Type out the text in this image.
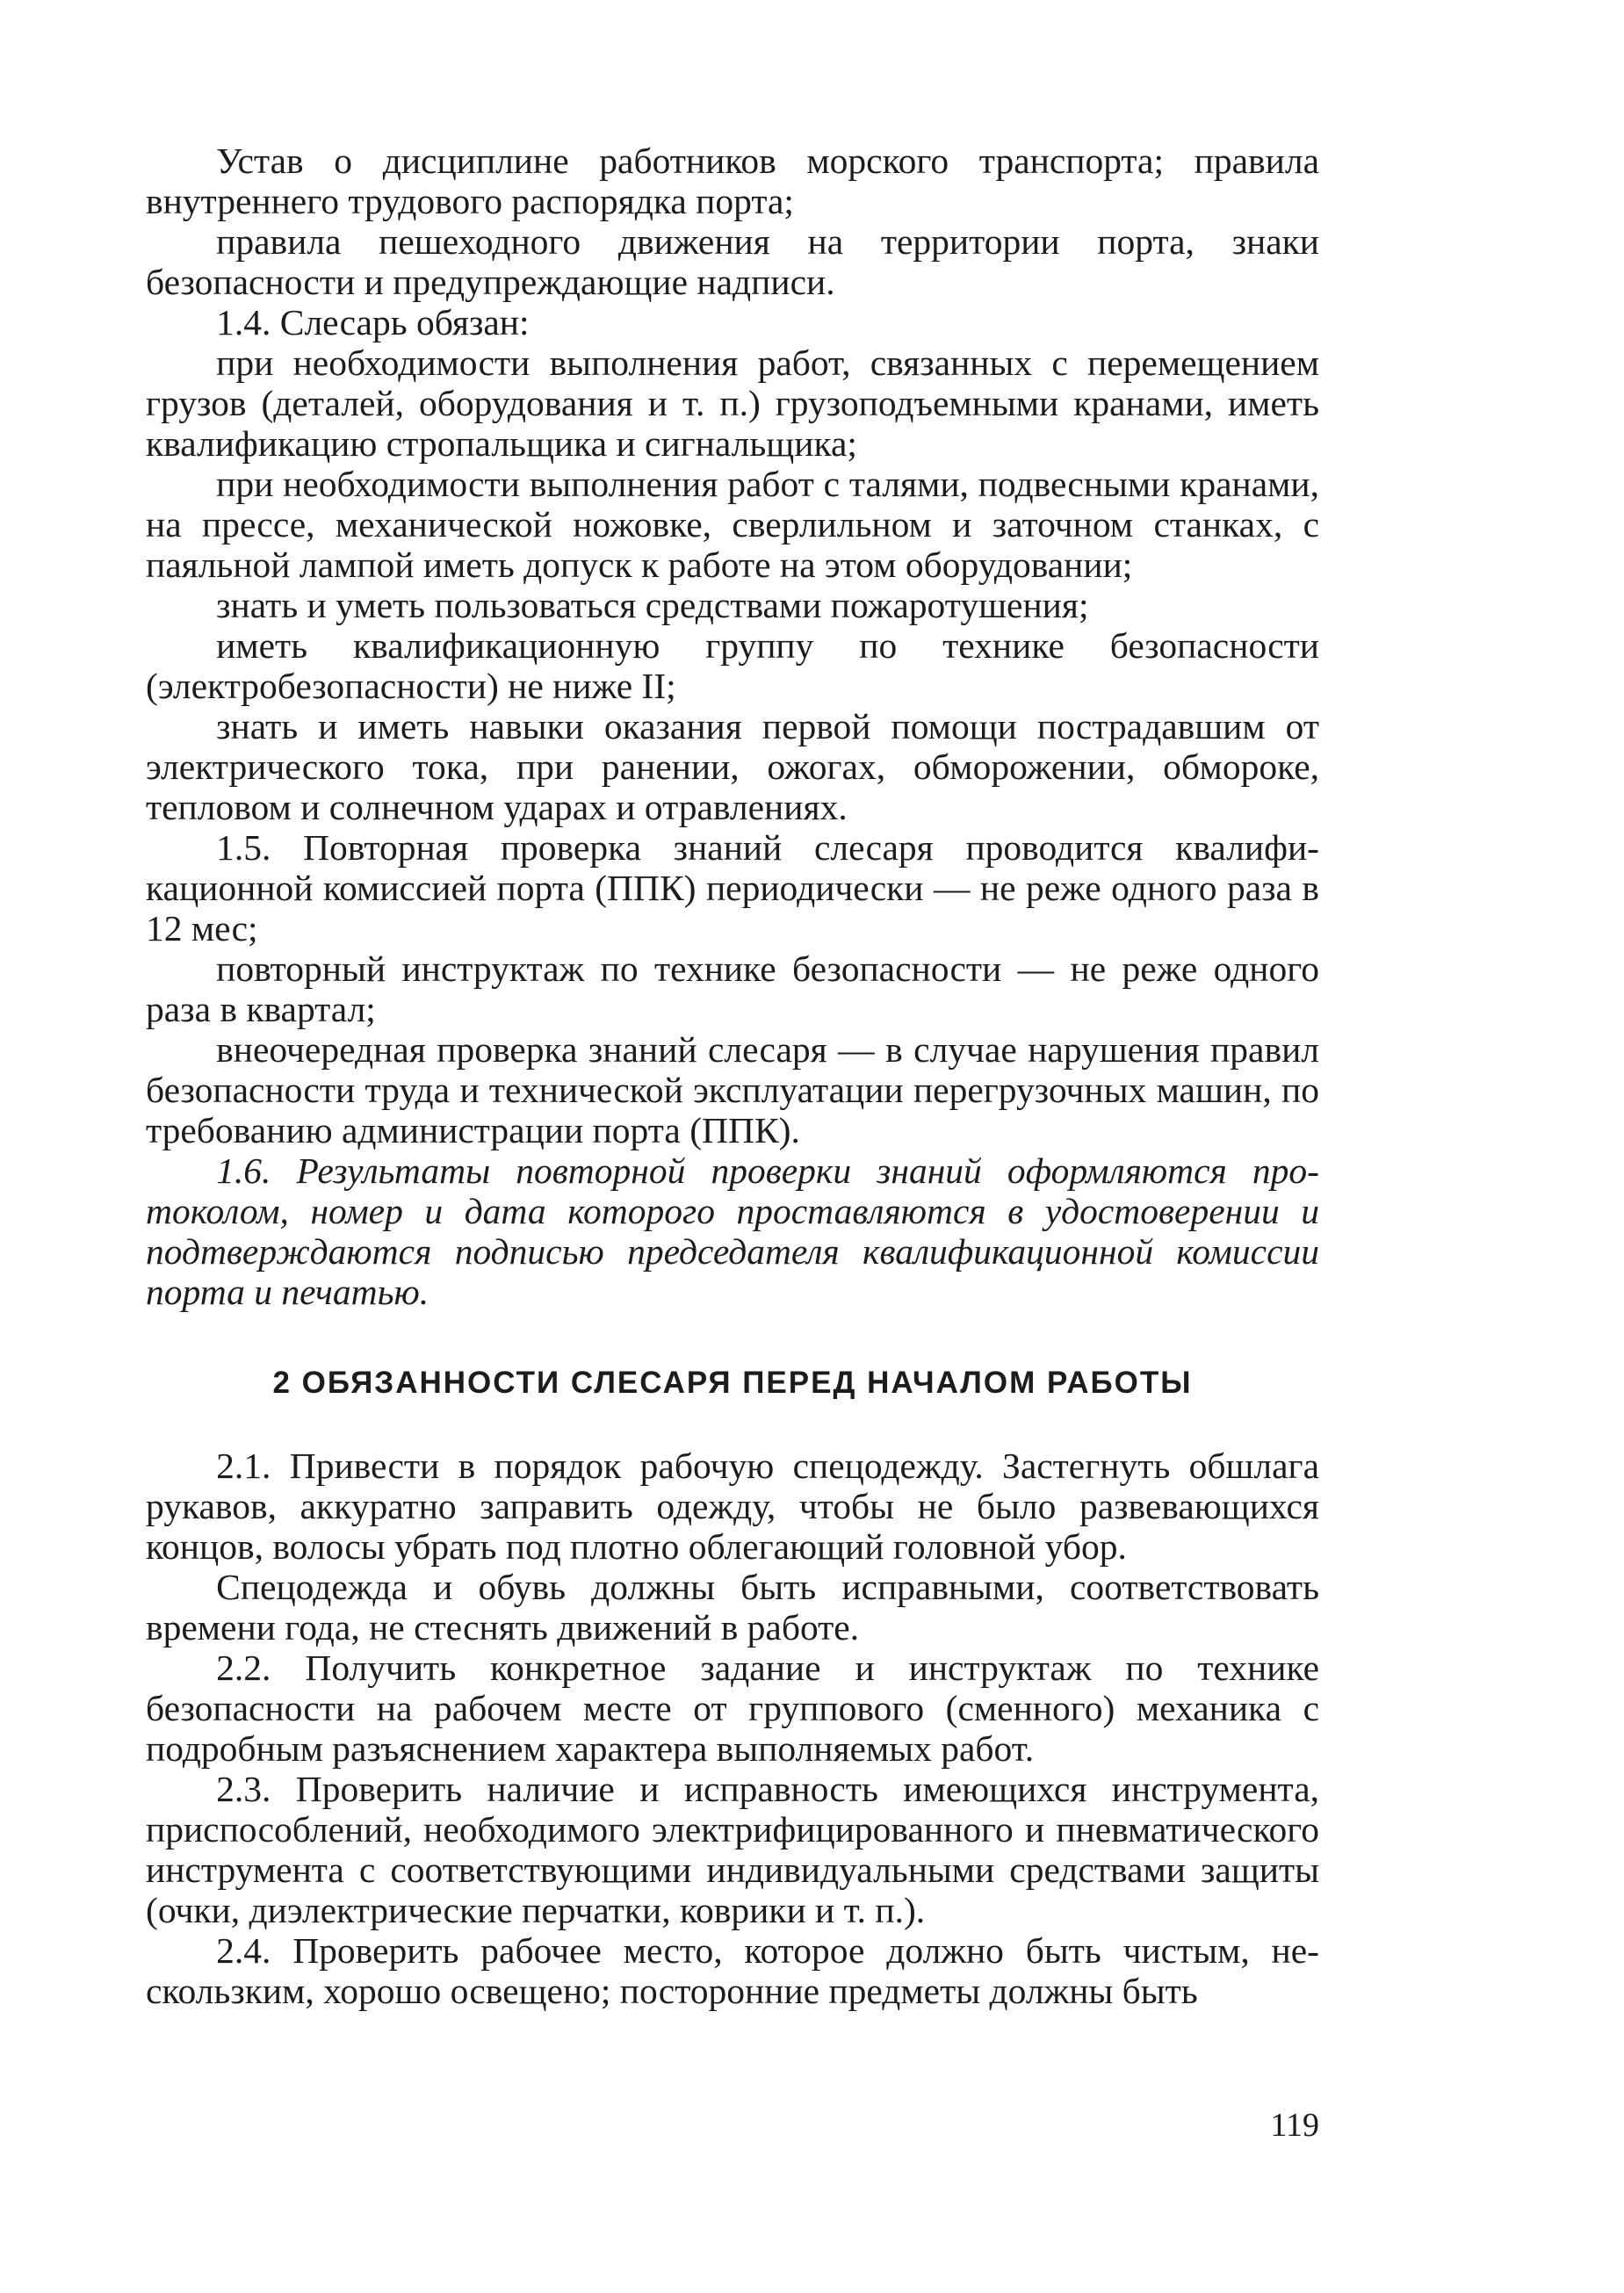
Устав о дисциплине работников морского транспорта; правила внутреннего трудового распорядка порта;

правила пешеходного движения на территории порта, знаки безопасности и предупреждающие надписи.

1.4. Слесарь обязан:

при необходимости выполнения работ, связанных с перемещением грузов (деталей, оборудования и т. п.) грузоподъемными кранами, иметь квалификацию стропальщика и сигнальщика;

при необходимости выполнения работ с талями, подвесными кранами, на прессе, механической ножовке, сверлильном и заточном станках, с паяльной лампой иметь допуск к работе на этом оборудовании;

знать и уметь пользоваться средствами пожаротушения;

иметь квалификационную группу по технике безопасности (электробезопасности) не ниже II;

знать и иметь навыки оказания первой помощи пострадавшим от электрического тока, при ранении, ожогах, обморожении, обмороке, тепловом и солнечном ударах и отравлениях.

1.5. Повторная проверка знаний слесаря проводится квалификационной комиссией порта (ППК) периодически — не реже одного раза в 12 мес;

повторный инструктаж по технике безопасности — не реже одного раза в квартал;

внеочередная проверка знаний слесаря — в случае нарушения правил безопасности труда и технической эксплуатации перегрузочных машин, по требованию администрации порта (ППК).

1.6. Результаты повторной проверки знаний оформляются протоколом, номер и дата которого проставляются в удостоверении и подтверждаются подписью председателя квалификационной комиссии порта и печатью.

2 ОБЯЗАННОСТИ СЛЕСАРЯ ПЕРЕД НАЧАЛОМ РАБОТЫ

2.1. Привести в порядок рабочую спецодежду. Застегнуть обшлага рукавов, аккуратно заправить одежду, чтобы не было развевающихся концов, волосы убрать под плотно облегающий головной убор.

Спецодежда и обувь должны быть исправными, соответствовать времени года, не стеснять движений в работе.

2.2. Получить конкретное задание и инструктаж по технике безопасности на рабочем месте от группового (сменного) механика с подробным разъяснением характера выполняемых работ.

2.3. Проверить наличие и исправность имеющихся инструмента, приспособлений, необходимого электрифицированного и пневматического инструмента с соответствующими индивидуальными средствами защиты (очки, диэлектрические перчатки, коврики и т. п.).

2.4. Проверить рабочее место, которое должно быть чистым, нескользким, хорошо освещено; посторонние предметы должны быть

119
